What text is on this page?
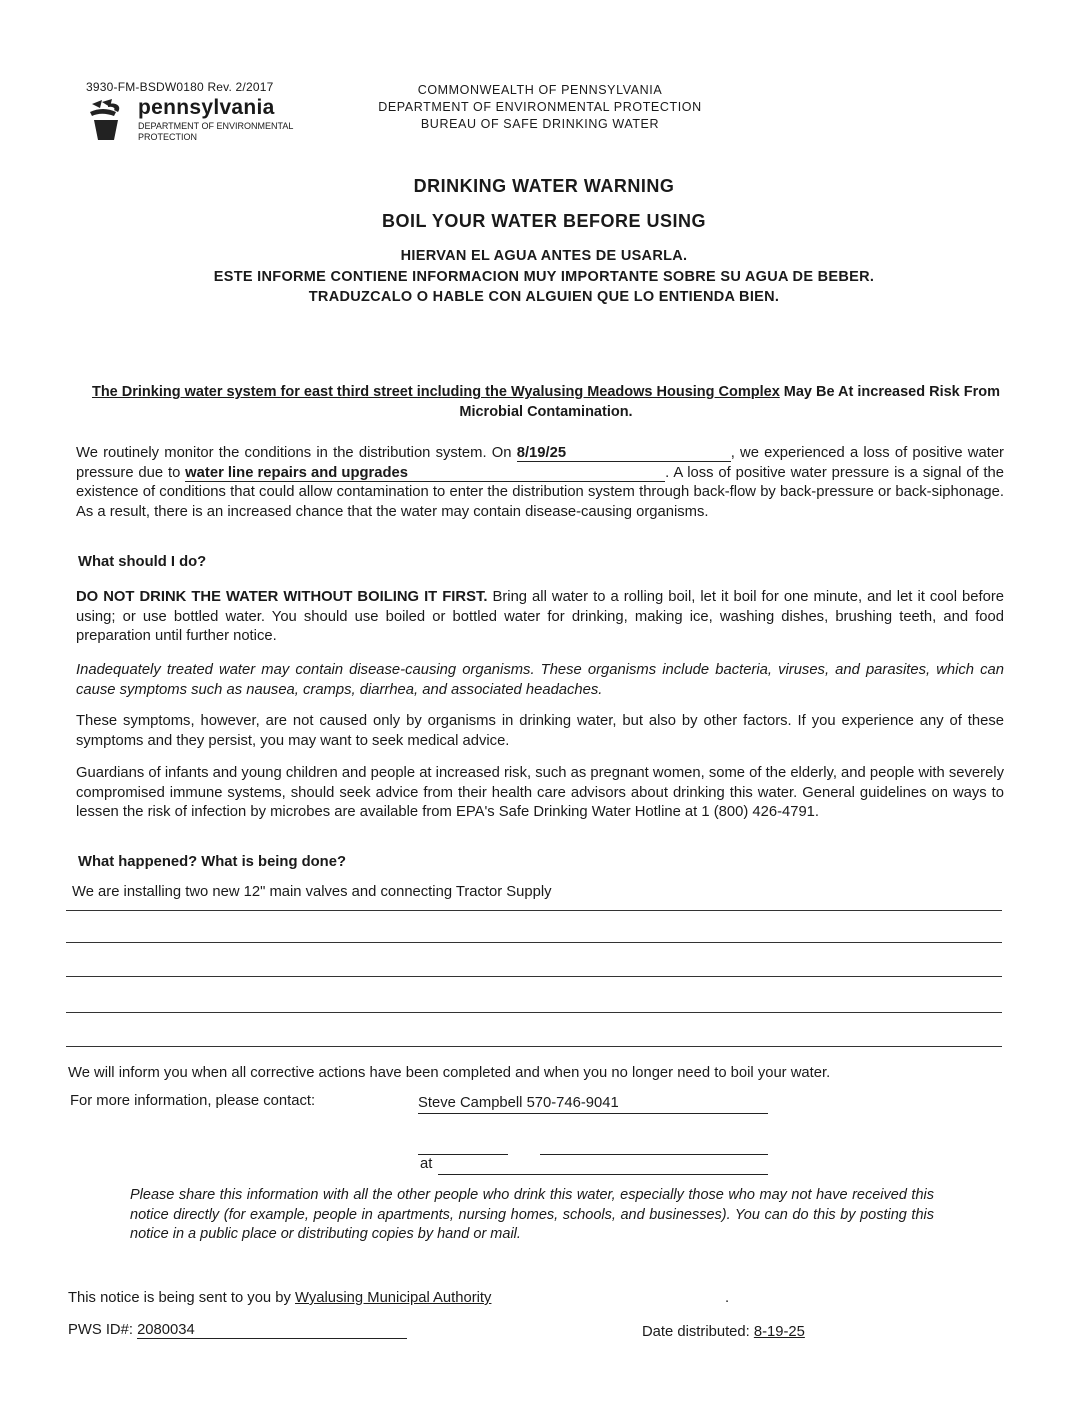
3930-FM-BSDW0180 Rev. 2/2017
pennsylvania
DEPARTMENT OF ENVIRONMENTAL PROTECTION
COMMONWEALTH OF PENNSYLVANIA
DEPARTMENT OF ENVIRONMENTAL PROTECTION
BUREAU OF SAFE DRINKING WATER
DRINKING WATER WARNING
BOIL YOUR WATER BEFORE USING
HIERVAN EL AGUA ANTES DE USARLA.
ESTE INFORME CONTIENE INFORMACION MUY IMPORTANTE SOBRE SU AGUA DE BEBER.
TRADUZCALO O HABLE CON ALGUIEN QUE LO ENTIENDA BIEN.
The Drinking water system for east third street including the Wyalusing Meadows Housing Complex May Be At increased Risk From Microbial Contamination.
We routinely monitor the conditions in the distribution system. On 8/19/25	, we experienced a loss of positive water pressure due to water line repairs and upgrades	. A loss of positive water pressure is a signal of the existence of conditions that could allow contamination to enter the distribution system through back-flow by back-pressure or back-siphonage. As a result, there is an increased chance that the water may contain disease-causing organisms.
What should I do?
DO NOT DRINK THE WATER WITHOUT BOILING IT FIRST. Bring all water to a rolling boil, let it boil for one minute, and let it cool before using; or use bottled water. You should use boiled or bottled water for drinking, making ice, washing dishes, brushing teeth, and food preparation until further notice.
Inadequately treated water may contain disease-causing organisms. These organisms include bacteria, viruses, and parasites, which can cause symptoms such as nausea, cramps, diarrhea, and associated headaches.
These symptoms, however, are not caused only by organisms in drinking water, but also by other factors. If you experience any of these symptoms and they persist, you may want to seek medical advice.
Guardians of infants and young children and people at increased risk, such as pregnant women, some of the elderly, and people with severely compromised immune systems, should seek advice from their health care advisors about drinking this water. General guidelines on ways to lessen the risk of infection by microbes are available from EPA's Safe Drinking Water Hotline at 1 (800) 426-4791.
What happened? What is being done?
We are installing two new 12" main valves and connecting Tractor Supply
We will inform you when all corrective actions have been completed and when you no longer need to boil your water.
For more information, please contact:	Steve Campbell 570-746-9041
at
Please share this information with all the other people who drink this water, especially those who may not have received this notice directly (for example, people in apartments, nursing homes, schools, and businesses). You can do this by posting this notice in a public place or distributing copies by hand or mail.
This notice is being sent to you by Wyalusing Municipal Authority	.
PWS ID#: 2080034	Date distributed: 8-19-25
